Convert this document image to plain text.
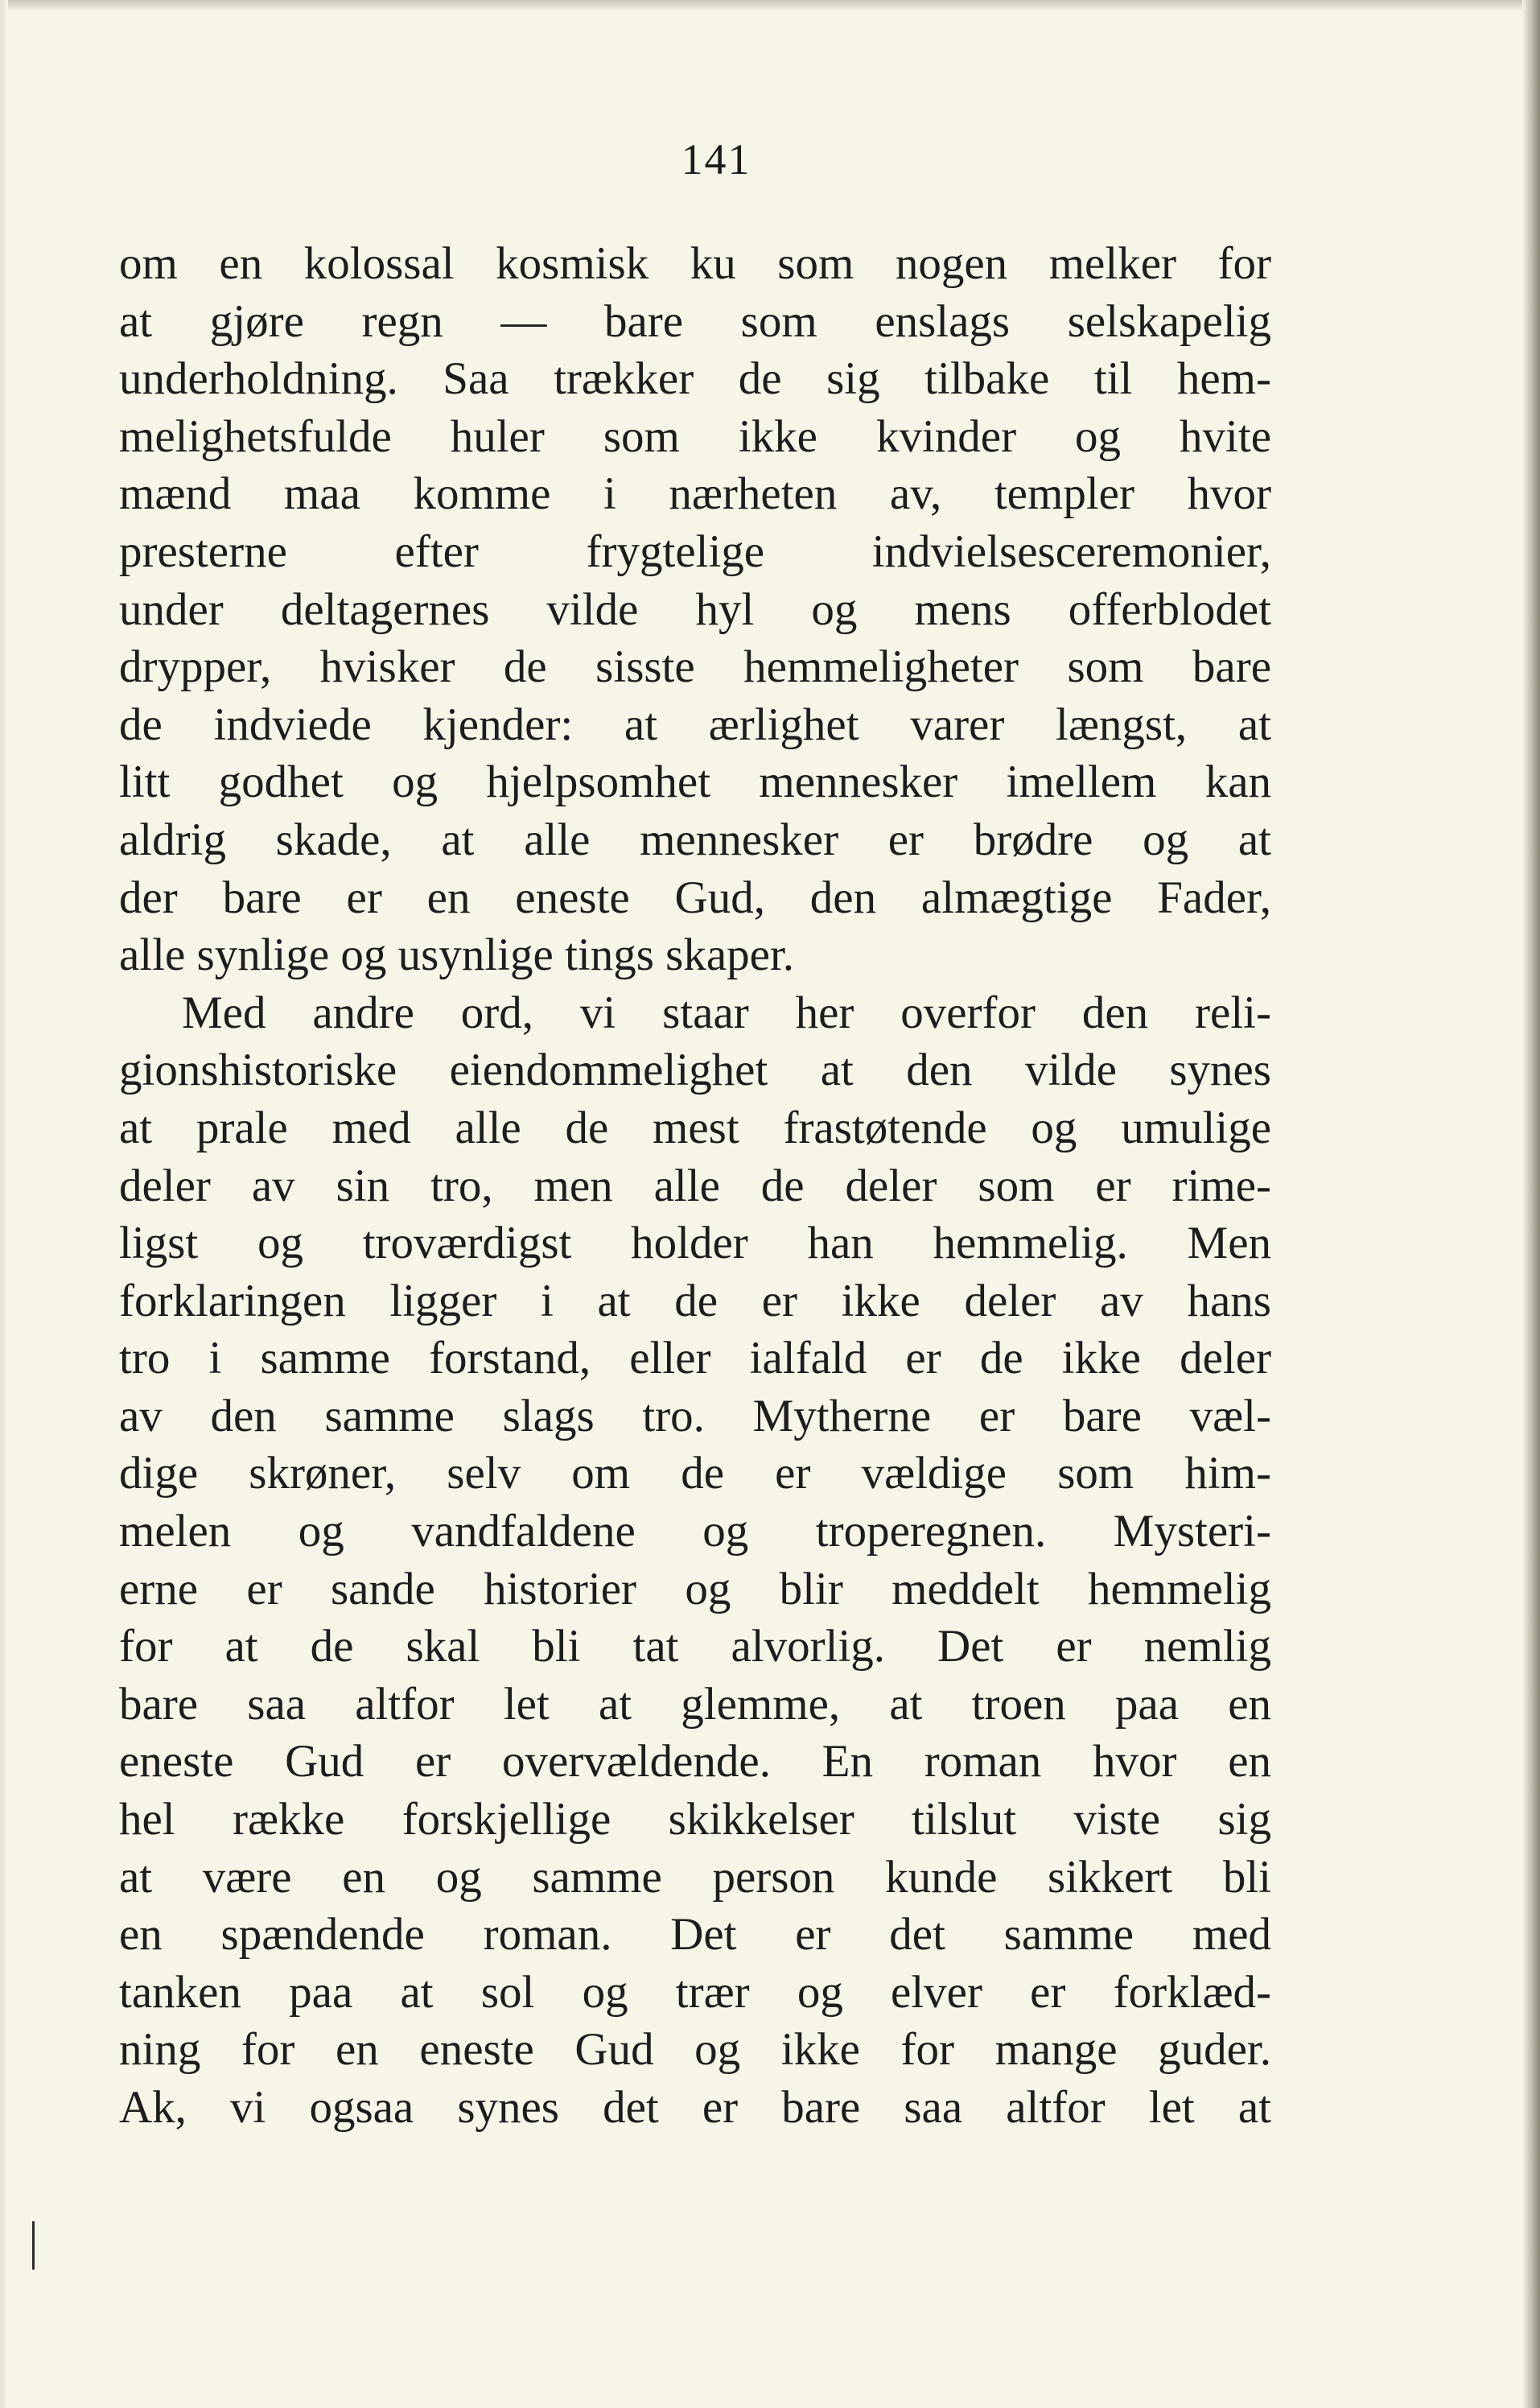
141
om en kolossal kosmisk ku som nogen melker for
at gjøre regn — bare som enslags selskapelig
underholdning. Saa trækker de sig tilbake til hem-
melighetsfulde huler som ikke kvinder og hvite
mænd maa komme i nærheten av, templer hvor
presterne efter frygtelige indvielsesceremonier,
under deltagernes vilde hyl og mens offerblodet
drypper, hvisker de sisste hemmeligheter som bare
de indviede kjender: at ærlighet varer længst, at
litt godhet og hjelpsomhet mennesker imellem kan
aldrig skade, at alle mennesker er brødre og at
der bare er en eneste Gud, den almægtige Fader,
alle synlige og usynlige tings skaper.
Med andre ord, vi staar her overfor den reli-
gionshistoriske eiendommelighet at den vilde synes
at prale med alle de mest frastøtende og umulige
deler av sin tro, men alle de deler som er rime-
ligst og troværdigst holder han hemmelig. Men
forklaringen ligger i at de er ikke deler av hans
tro i samme forstand, eller ialfald er de ikke deler
av den samme slags tro. Mytherne er bare væl-
dige skrøner, selv om de er vældige som him-
melen og vandfaldene og troperegnen. Mysteri-
erne er sande historier og blir meddelt hemmelig
for at de skal bli tat alvorlig. Det er nemlig
bare saa altfor let at glemme, at troen paa en
eneste Gud er overvældende. En roman hvor en
hel række forskjellige skikkelser tilslut viste sig
at være en og samme person kunde sikkert bli
en spændende roman. Det er det samme med
tanken paa at sol og trær og elver er forklæd-
ning for en eneste Gud og ikke for mange guder.
Ak, vi ogsaa synes det er bare saa altfor let at
